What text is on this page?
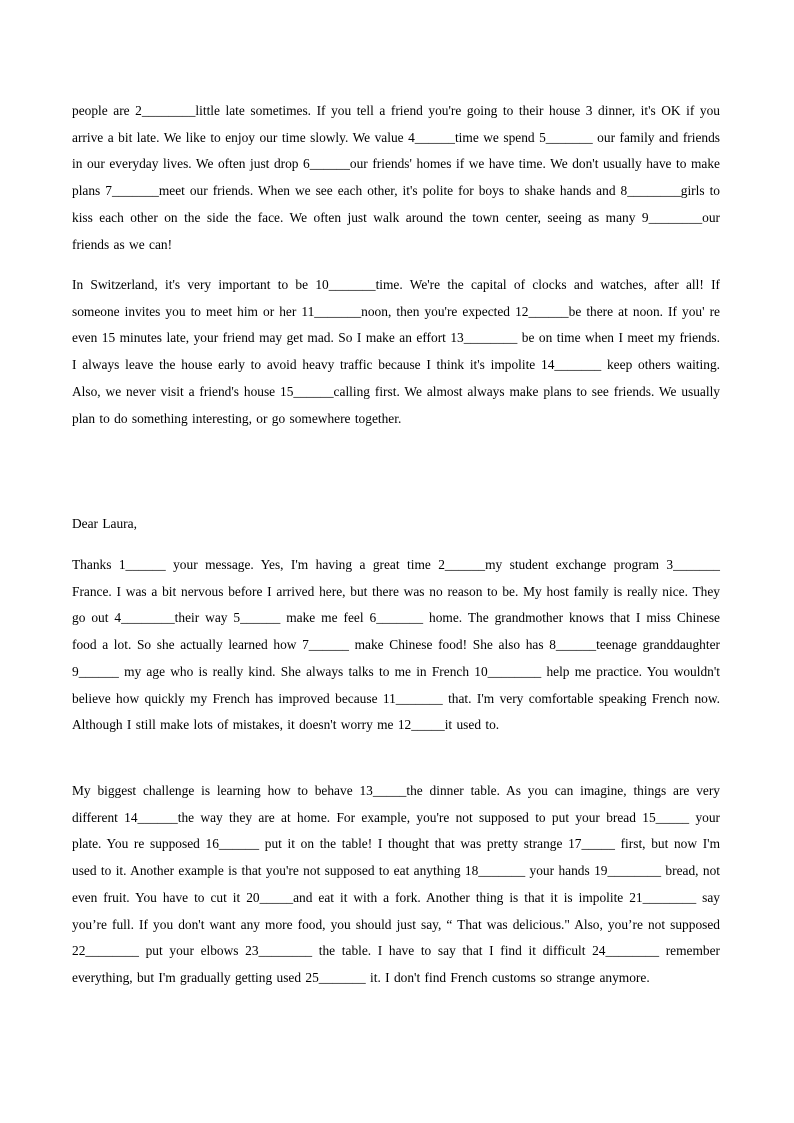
people are 2________little late sometimes. If you tell a friend you're going to their house 3 dinner, it's OK if you arrive a bit late. We like to enjoy our time slowly. We value 4______time we spend 5_______ our family and friends in our everyday lives. We often just drop 6______our friends' homes if we have time. We don't usually have to make plans 7_______meet our friends. When we see each other, it's polite for boys to shake hands and 8________girls to kiss each other on the side the face. We often just walk around the town center, seeing as many 9________our friends as we can!

In Switzerland, it's very important to be 10_______time. We're the capital of clocks and watches, after all! If someone invites you to meet him or her 11_______noon, then you're expected 12______be there at noon. If you' re even 15 minutes late, your friend may get mad. So I make an effort 13________ be on time when I meet my friends. I always leave the house early to avoid heavy traffic because I think it's impolite 14_______ keep others waiting. Also, we never visit a friend's house 15______calling first. We almost always make plans to see friends. We usually plan to do something interesting, or go somewhere together.

Dear Laura,

Thanks 1______ your message. Yes, I'm having a great time 2______my student exchange program 3_______ France. I was a bit nervous before I arrived here, but there was no reason to be. My host family is really nice. They go out 4________their way 5______ make me feel 6_______ home. The grandmother knows that I miss Chinese food a lot. So she actually learned how 7______ make Chinese food! She also has 8______teenage granddaughter 9______ my age who is really kind. She always talks to me in French 10________ help me practice. You wouldn't believe how quickly my French has improved because 11_______ that. I'm very comfortable speaking French now. Although I still make lots of mistakes, it doesn't worry me 12_____it used to.

My biggest challenge is learning how to behave 13_____the dinner table. As you can imagine, things are very different 14______the way they are at home. For example, you're not supposed to put your bread 15_____ your plate. You re supposed 16______ put it on the table! I thought that was pretty strange 17_____ first, but now I'm used to it. Another example is that you're not supposed to eat anything 18_______ your hands 19________ bread, not even fruit. You have to cut it 20_____and eat it with a fork. Another thing is that it is impolite 21________ say you’re full. If you don't want any more food, you should just say, “ That was delicious." Also, you’re not supposed 22________ put your elbows 23________ the table. I have to say that I find it difficult 24________ remember everything, but I'm gradually getting used 25_______ it. I don't find French customs so strange anymore.
